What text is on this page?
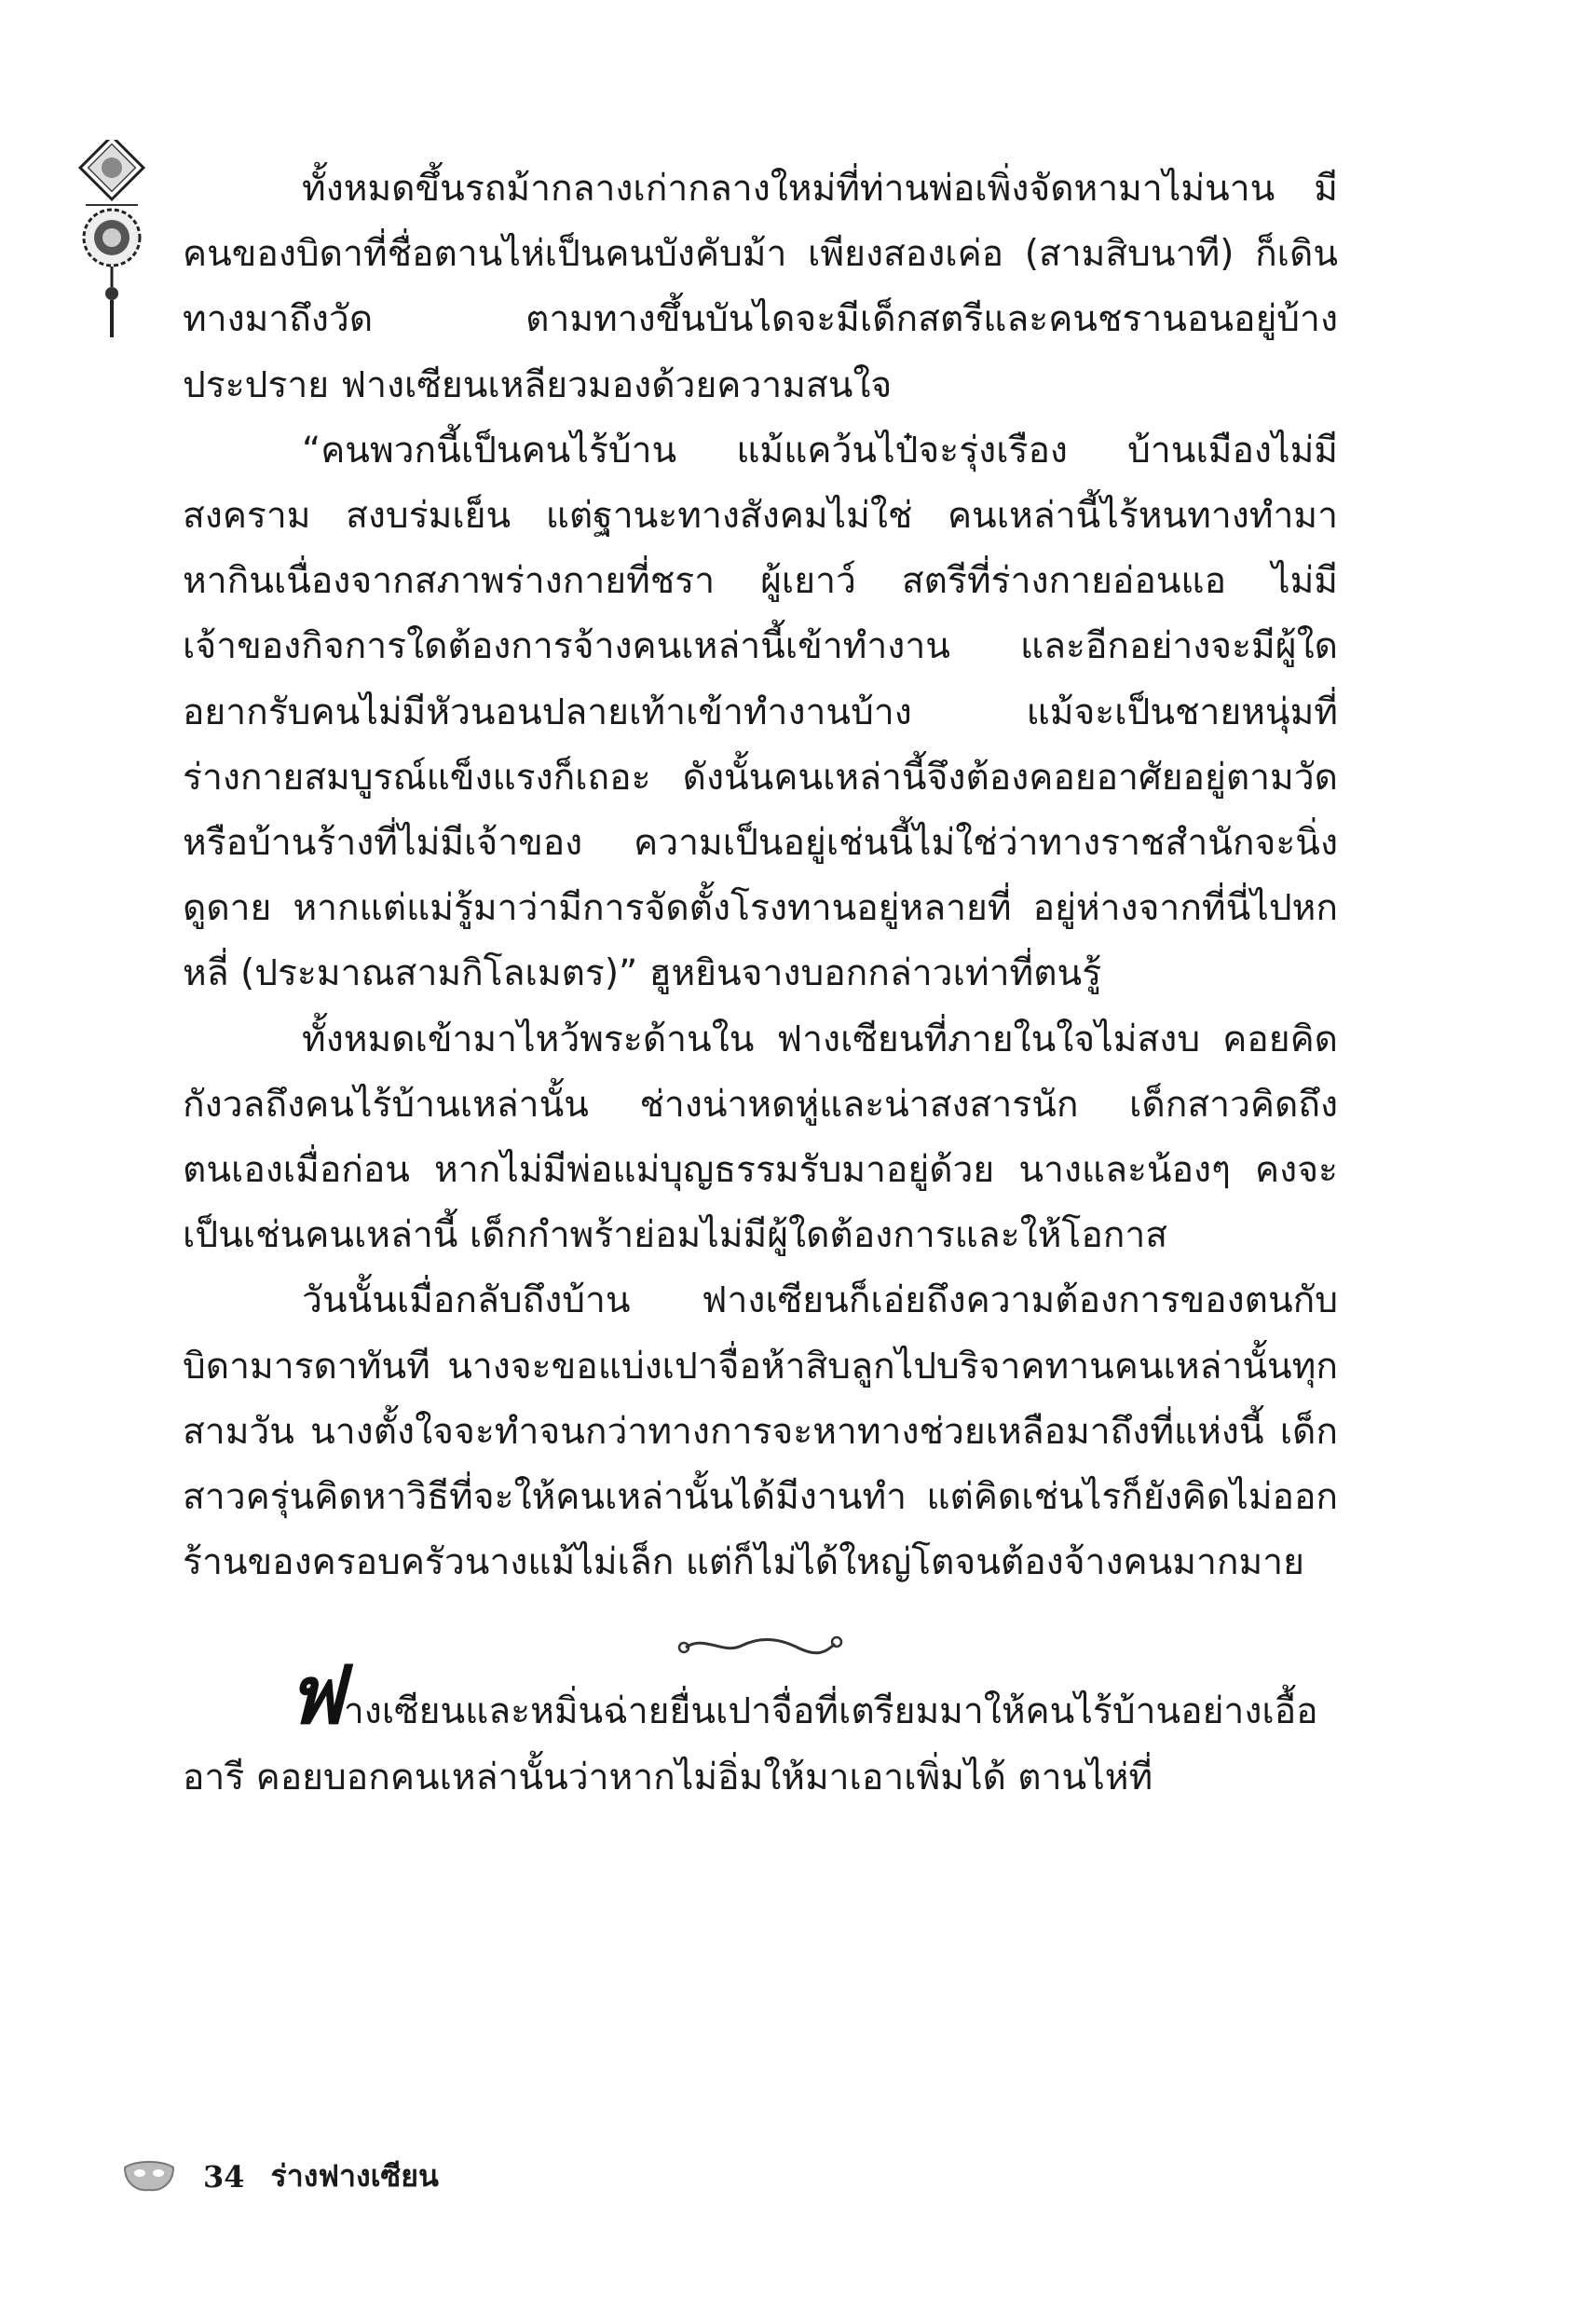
ทั้งหมดขึ้นรถม้ากลางเก่ากลางใหม่ที่ท่านพ่อเพิ่งจัดหามาไม่นาน มีคนของบิดาที่ชื่อตานไห่เป็นคนบังคับม้า เพียงสองเค่อ (สามสิบนาที) ก็เดินทางมาถึงวัด ตามทางขึ้นบันไดจะมีเด็กสตรีและคนชรานอนอยู่บ้างประปราย ฟางเซียนเหลียวมองด้วยความสนใจ

“คนพวกนี้เป็นคนไร้บ้าน แม้แคว้นไป๋จะรุ่งเรือง บ้านเมืองไม่มีสงคราม สงบร่มเย็น แต่ฐานะทางสังคมไม่ใช่ คนเหล่านี้ไร้หนทางทำมาหากินเนื่องจากสภาพร่างกายที่ชรา ผู้เยาว์ สตรีที่ร่างกายอ่อนแอ ไม่มีเจ้าของกิจการใดต้องการจ้างคนเหล่านี้เข้าทำงาน และอีกอย่างจะมีผู้ใดอยากรับคนไม่มีหัวนอนปลายเท้าเข้าทำงานบ้าง แม้จะเป็นชายหนุ่มที่ร่างกายสมบูรณ์แข็งแรงก็เถอะ ดังนั้นคนเหล่านี้จึงต้องคอยอาศัยอยู่ตามวัด หรือบ้านร้างที่ไม่มีเจ้าของ ความเป็นอยู่เช่นนี้ไม่ใช่ว่าทางราชสำนักจะนิ่งดูดาย หากแต่แม่รู้มาว่ามีการจัดตั้งโรงทานอยู่หลายที่ อยู่ห่างจากที่นี่ไปหกหลี่ (ประมาณสามกิโลเมตร)” ฮูหยินจางบอกกล่าวเท่าที่ตนรู้

ทั้งหมดเข้ามาไหว้พระด้านใน ฟางเซียนที่ภายในใจไม่สงบ คอยคิดกังวลถึงคนไร้บ้านเหล่านั้น ช่างน่าหดหู่และน่าสงสารนัก เด็กสาวคิดถึงตนเองเมื่อก่อน หากไม่มีพ่อแม่บุญธรรมรับมาอยู่ด้วย นางและน้องๆ คงจะเป็นเช่นคนเหล่านี้ เด็กกำพร้าย่อมไม่มีผู้ใดต้องการและให้โอกาส

วันนั้นเมื่อกลับถึงบ้าน ฟางเซียนก็เอ่ยถึงความต้องการของตนกับบิดามารดาทันที นางจะขอแบ่งเปาจื่อห้าสิบลูกไปบริจาคทานคนเหล่านั้นทุกสามวัน นางตั้งใจจะทำจนกว่าทางการจะหาทางช่วยเหลือมาถึงที่แห่งนี้ เด็กสาวครุ่นคิดหาวิธีที่จะให้คนเหล่านั้นได้มีงานทำ แต่คิดเช่นไรก็ยังคิดไม่ออก ร้านของครอบครัวนางแม้ไม่เล็ก แต่ก็ไม่ได้ใหญ่โตจนต้องจ้างคนมากมาย

ฟางเซียนและหมิ่นฉ่ายยื่นเปาจื่อที่เตรียมมาให้คนไร้บ้านอย่างเอื้ออารี คอยบอกคนเหล่านั้นว่าหากไม่อิ่มให้มาเอาเพิ่มได้ ตานไห่ที่

34 ร่างฟางเซียน
